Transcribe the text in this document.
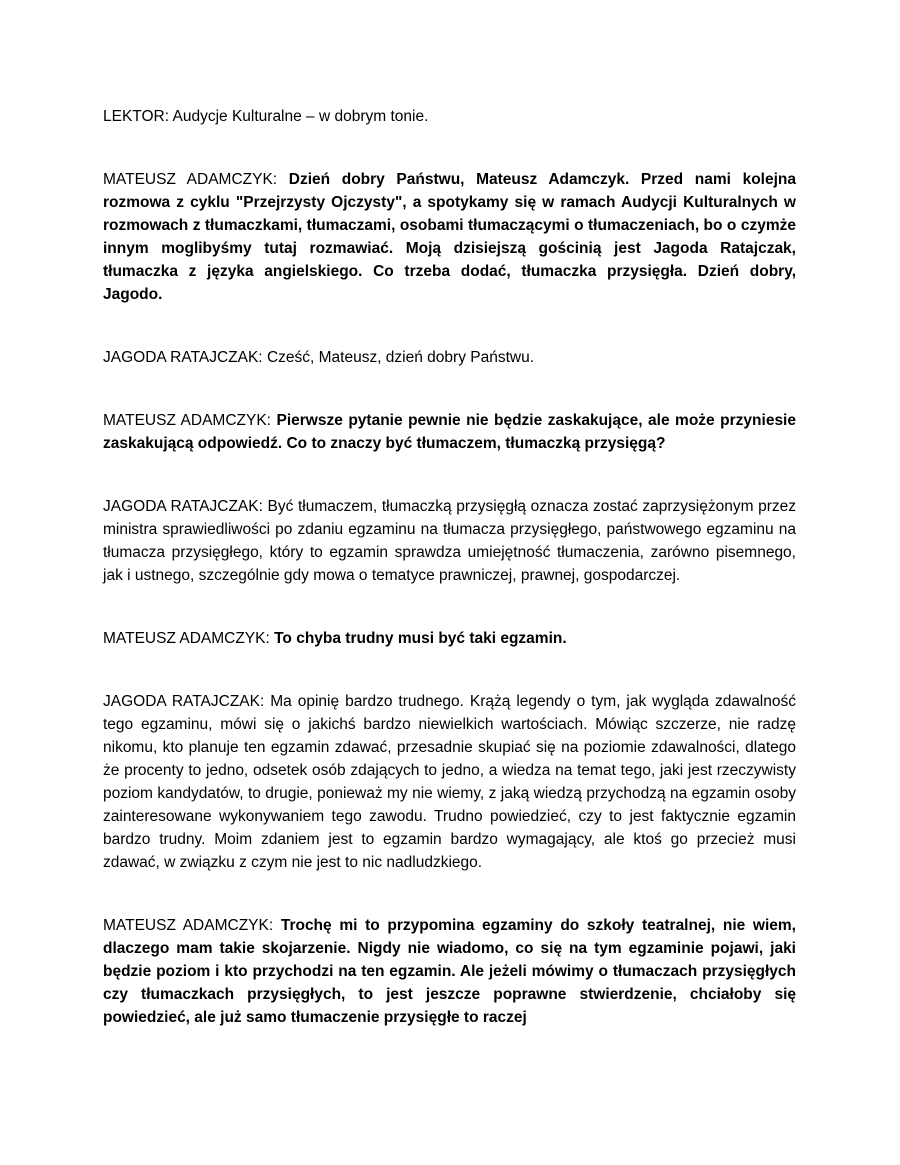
LEKTOR: Audycje Kulturalne – w dobrym tonie.

MATEUSZ ADAMCZYK: Dzień dobry Państwu, Mateusz Adamczyk. Przed nami kolejna rozmowa z cyklu "Przejrzysty Ojczysty", a spotykamy się w ramach Audycji Kulturalnych w rozmowach z tłumaczkami, tłumaczami, osobami tłumaczącymi o tłumaczeniach, bo o czymże innym moglibyśmy tutaj rozmawiać. Moją dzisiejszą gościnią jest Jagoda Ratajczak, tłumaczka z języka angielskiego. Co trzeba dodać, tłumaczka przysięgła. Dzień dobry, Jagodo.

JAGODA RATAJCZAK: Cześć, Mateusz, dzień dobry Państwu.

MATEUSZ ADAMCZYK: Pierwsze pytanie pewnie nie będzie zaskakujące, ale może przyniesie zaskakującą odpowiedź. Co to znaczy być tłumaczem, tłumaczką przysięgą?

JAGODA RATAJCZAK: Być tłumaczem, tłumaczką przysięgłą oznacza zostać zaprzysiężonym przez ministra sprawiedliwości po zdaniu egzaminu na tłumacza przysięgłego, państwowego egzaminu na tłumacza przysięgłego, który to egzamin sprawdza umiejętność tłumaczenia, zarówno pisemnego, jak i ustnego, szczególnie gdy mowa o tematyce prawniczej, prawnej, gospodarczej.

MATEUSZ ADAMCZYK: To chyba trudny musi być taki egzamin.

JAGODA RATAJCZAK: Ma opinię bardzo trudnego. Krążą legendy o tym, jak wygląda zdawalność tego egzaminu, mówi się o jakichś bardzo niewielkich wartościach. Mówiąc szczerze, nie radzę nikomu, kto planuje ten egzamin zdawać, przesadnie skupiać się na poziomie zdawalności, dlatego że procenty to jedno, odsetek osób zdających to jedno, a wiedza na temat tego, jaki jest rzeczywisty poziom kandydatów, to drugie, ponieważ my nie wiemy, z jaką wiedzą przychodzą na egzamin osoby zainteresowane wykonywaniem tego zawodu. Trudno powiedzieć, czy to jest faktycznie egzamin bardzo trudny. Moim zdaniem jest to egzamin bardzo wymagający, ale ktoś go przecież musi zdawać, w związku z czym nie jest to nic nadludzkiego.

MATEUSZ ADAMCZYK: Trochę mi to przypomina egzaminy do szkoły teatralnej, nie wiem, dlaczego mam takie skojarzenie. Nigdy nie wiadomo, co się na tym egzaminie pojawi, jaki będzie poziom i kto przychodzi na ten egzamin. Ale jeżeli mówimy o tłumaczach przysięgłych czy tłumaczkach przysięgłych, to jest jeszcze poprawne stwierdzenie, chciałoby się powiedzieć, ale już samo tłumaczenie przysięgłe to raczej
